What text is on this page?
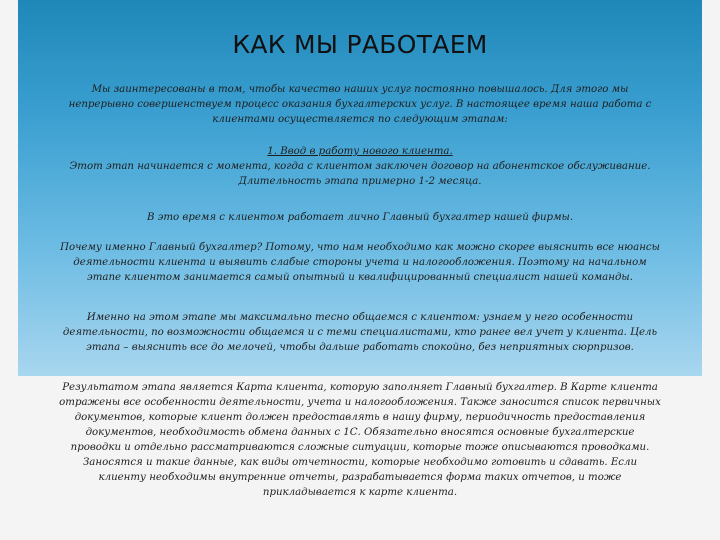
КАК МЫ РАБОТАЕМ
Мы заинтересованы в том, чтобы качество наших услуг постоянно повышалось. Для этого мы
непрерывно совершенствуем процесс оказания бухгалтерских услуг. В настоящее время наша работа с
клиентами осуществляется по следующим этапам:
1. Ввод в работу нового клиента.
Этот этап начинается с момента, когда с клиентом заключен договор на абонентское обслуживание.
Длительность этапа примерно 1-2 месяца.
В это время с клиентом работает лично Главный бухгалтер нашей фирмы.
Почему именно Главный бухгалтер? Потому, что нам необходимо как можно скорее выяснить все нюансы
деятельности клиента и выявить слабые стороны учета и налогообложения. Поэтому на начальном
этапе клиентом занимается самый опытный и квалифицированный специалист нашей команды.
Именно на этом этапе мы максимально тесно общаемся с клиентом: узнаем у него особенности
деятельности, по возможности общаемся и с теми специалистами, кто ранее вел учет у клиента. Цель
этапа – выяснить все до мелочей, чтобы дальше работать спокойно, без неприятных сюрпризов.
Результатом этапа является Карта клиента, которую заполняет Главный бухгалтер. В Карте клиента
отражены все особенности деятельности, учета и налогообложения. Также заносится список первичных
документов, которые клиент должен предоставлять в нашу фирму, периодичность предоставления
документов, необходимость обмена данных с 1С. Обязательно вносятся основные бухгалтерские
проводки и отдельно рассматриваются сложные ситуации, которые тоже описываются проводками.
Заносятся и такие данные, как виды отчетности, которые необходимо готовить и сдавать. Если
клиенту необходимы внутренние отчеты, разрабатывается форма таких отчетов, и тоже
прикладывается к карте клиента.
